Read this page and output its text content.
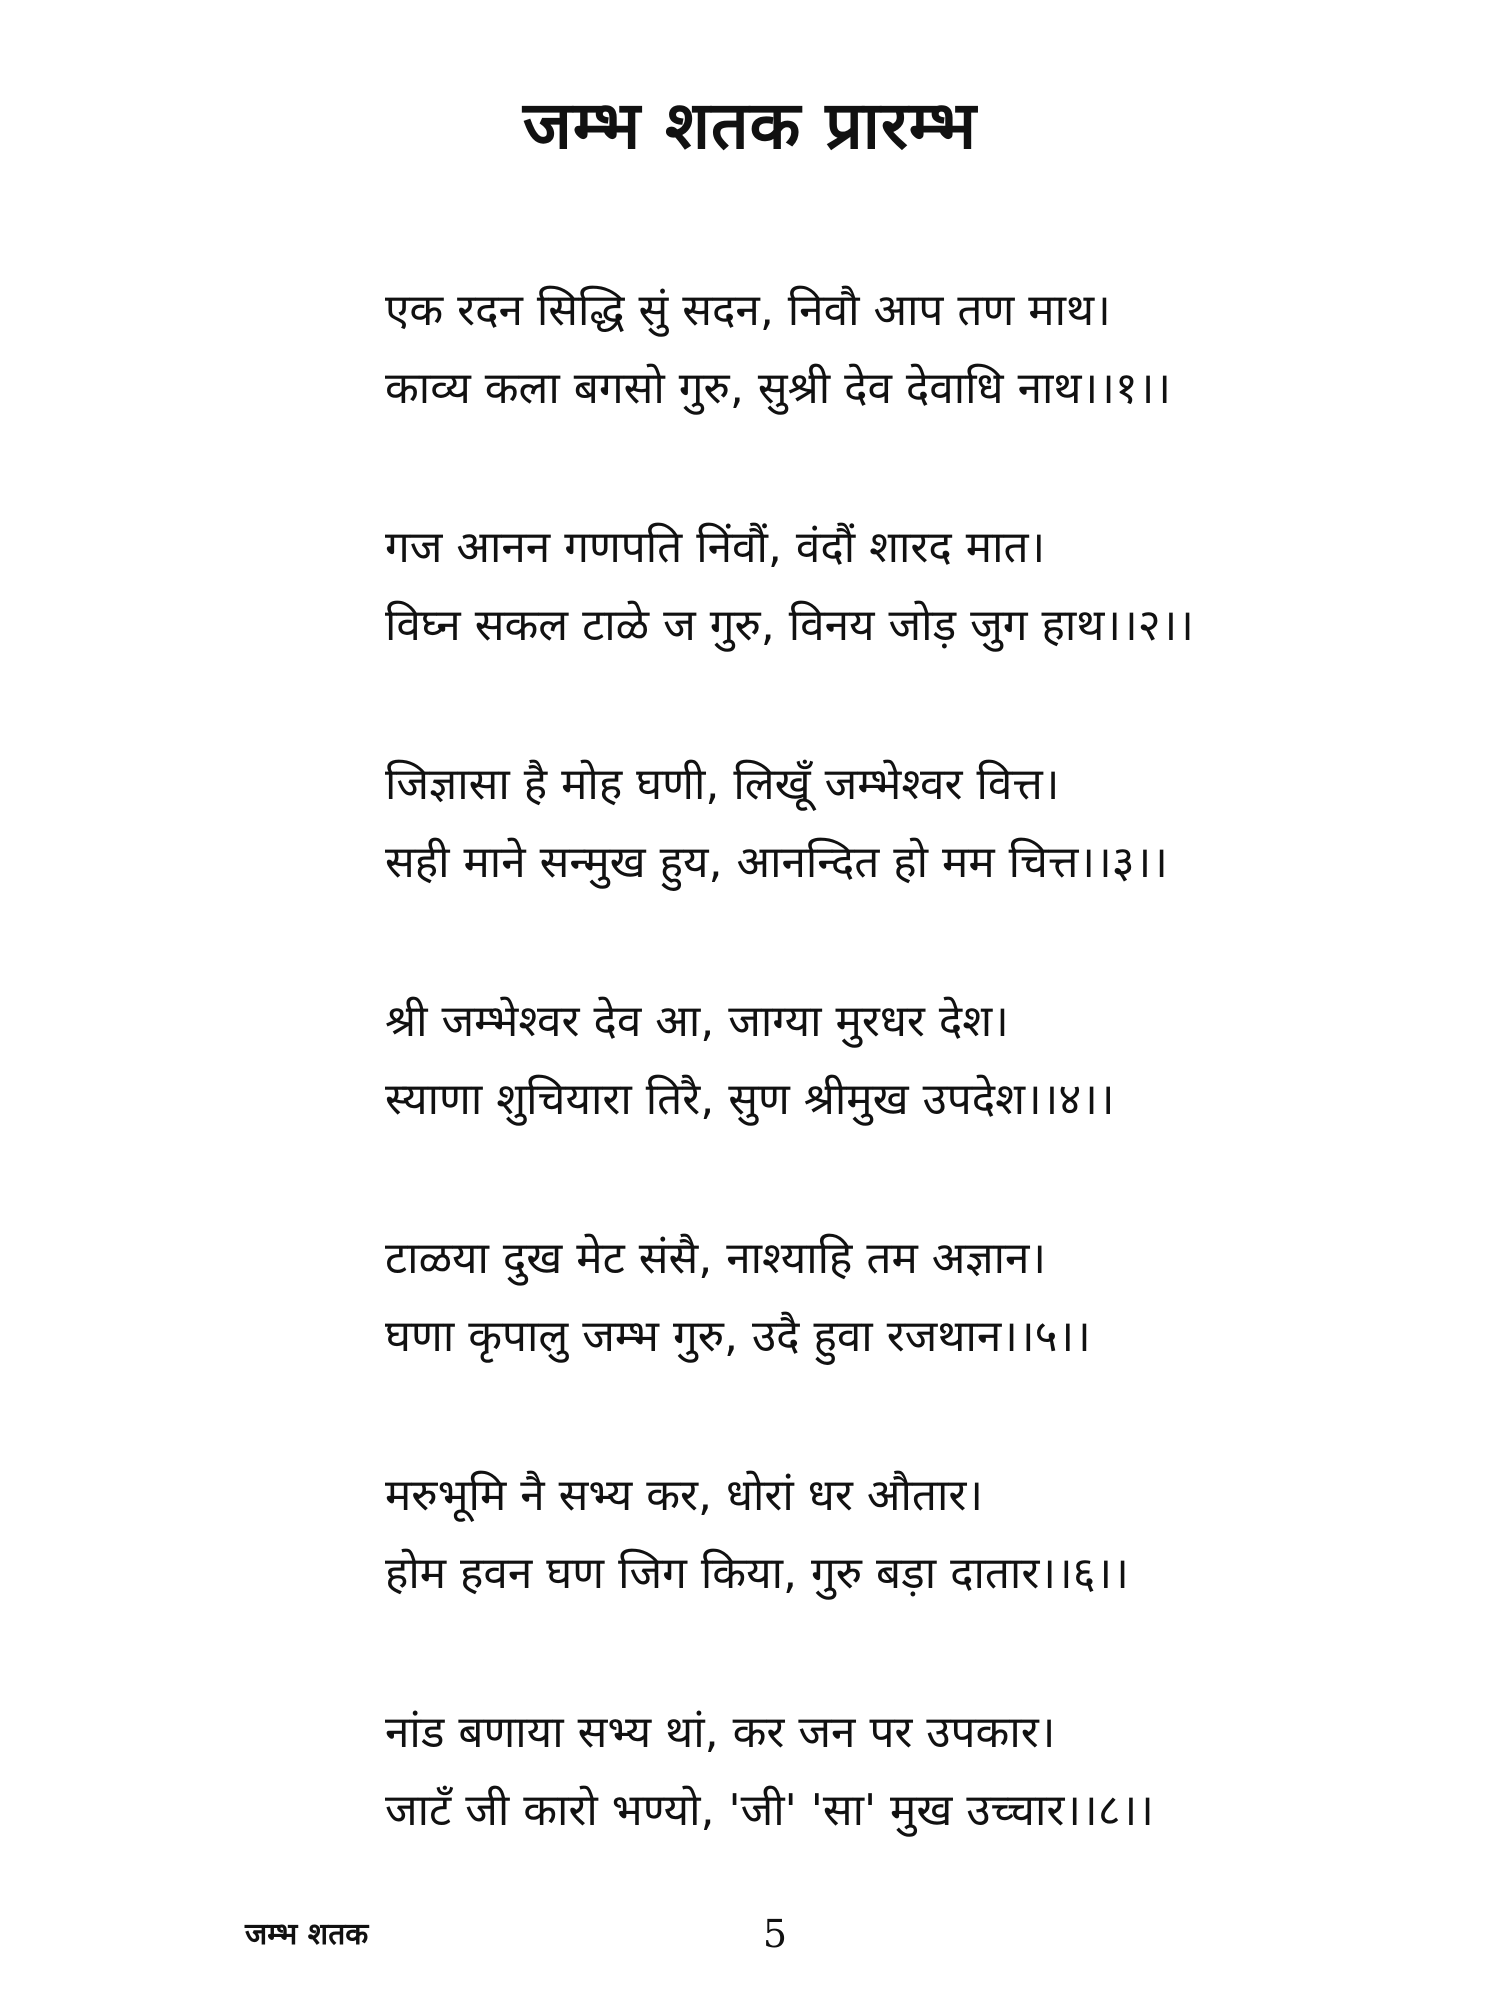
जम्भ शतक प्रारम्भ
एक रदन सिद्धि सुं सदन, निवौ आप तण माथ।
काव्य कला बगसो गुरु, सुश्री देव देवाधि नाथ।।१।।
गज आनन गणपति निंवौं, वंदौं शारद मात।
विघ्न सकल टाळे ज गुरु, विनय जोड़ जुग हाथ।।२।।
जिज्ञासा है मोह घणी, लिखूँ जम्भेश्वर वित्त।
सही माने सन्मुख हुय, आनन्दित हो मम चित्त।।३।।
श्री जम्भेश्वर देव आ, जाग्या मुरधर देश।
स्याणा शुचियारा तिरै, सुण श्रीमुख उपदेश।।४।।
टाळया दुख मेट संसै, नाश्याहि तम अज्ञान।
घणा कृपालु जम्भ गुरु, उदै हुवा रजथान।।५।।
मरुभूमि नै सभ्य कर, धोरां धर औतार।
होम हवन घण जिग किया, गुरु बड़ा दातार।।६।।
नांड बणाया सभ्य थां, कर जन पर उपकार।
जाटँ जी कारो भण्यो, 'जी' 'सा' मुख उच्चार।।८।।
जम्भ शतक	5
